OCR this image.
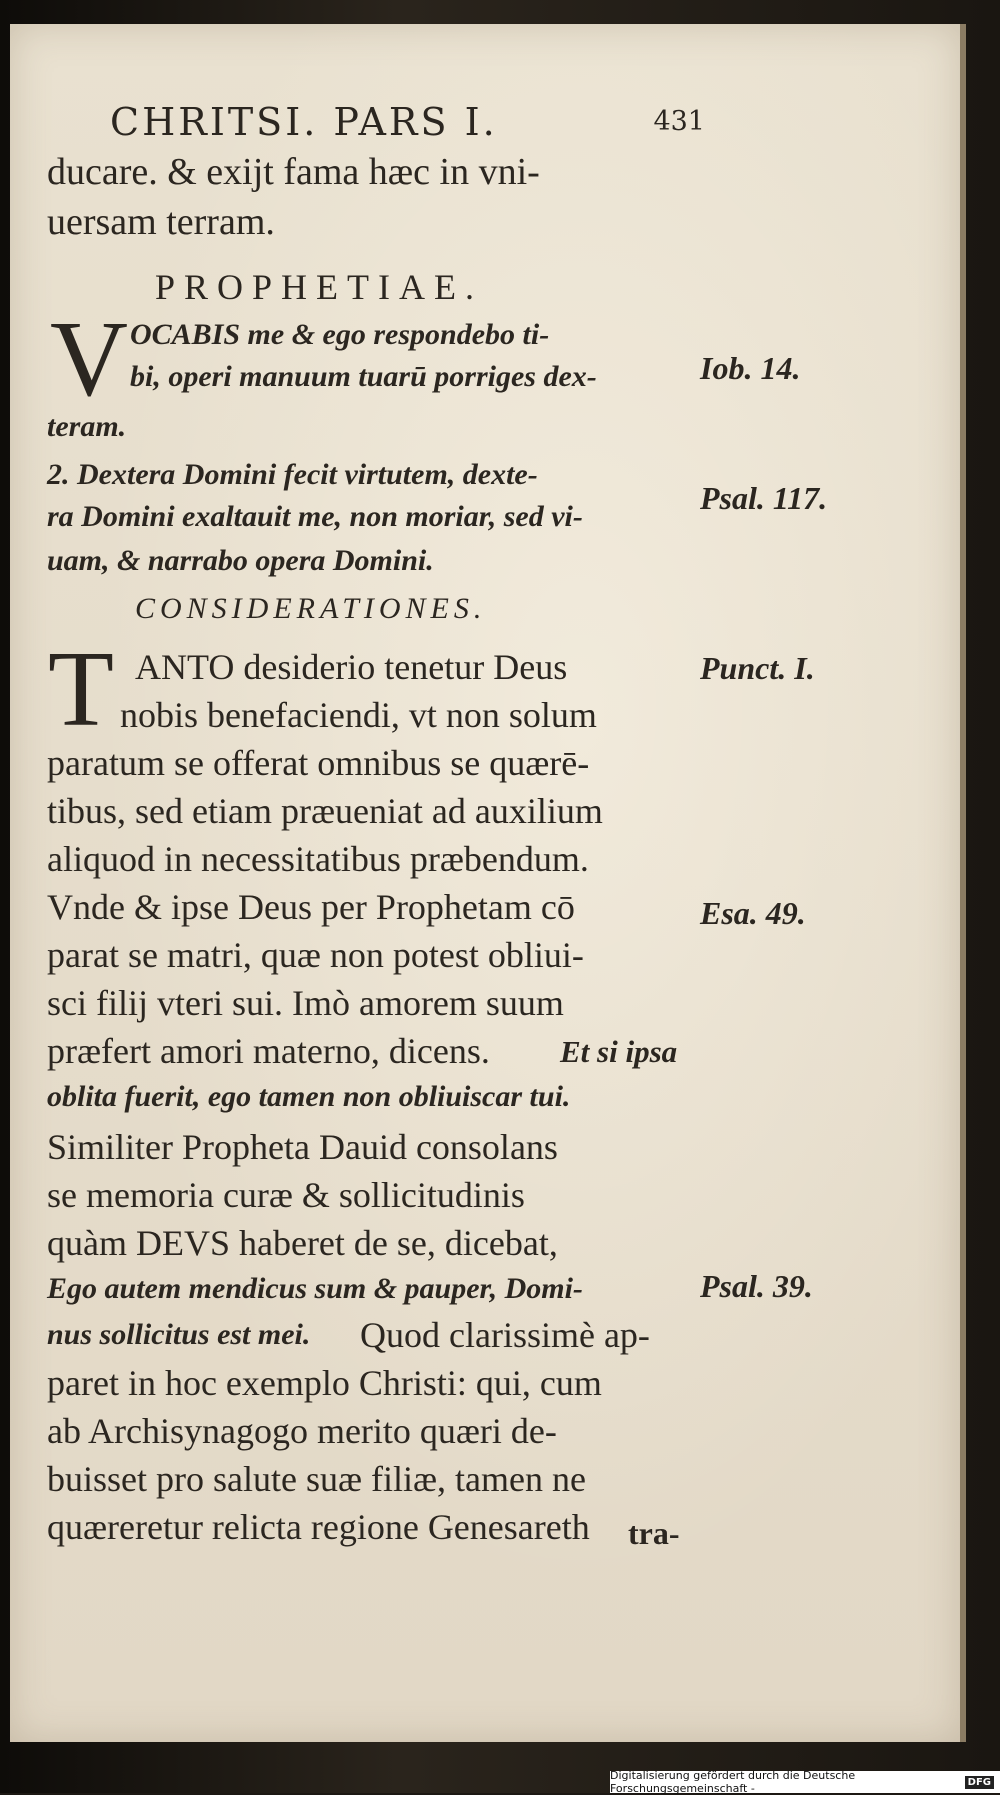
CHRITSI. PARS I.	431
ducare. & exijt fama hæc in vni-
uersam terram.
PROPHETIAE.
V OCABIS me & ego respondebo ti-
bi, operi manuum tuarū porriges dex-
teram.
2. Dextera Domini fecit virtutem, dexte-
ra Domini exaltauit me, non moriar, sed vi-
uam, & narrabo opera Domini.
CONSIDERATIONES.
T ANTO desiderio tenetur Deus
nobis benefaciendi, vt non solum
paratum se offerat omnibus se quærē-
tibus, sed etiam præueniat ad auxilium
aliquod in necessitatibus præbendum.
Vnde & ipse Deus per Prophetam cō
parat se matri, quæ non potest obliui-
sci filij vteri sui. Imò amorem suum
præfert amori materno, dicens. Et si ipsa
oblita fuerit, ego tamen non obliuiscar tui.
Similiter Propheta Dauid consolans
se memoria curæ & sollicitudinis
quàm DEVS haberet de se, dicebat,
Ego autem mendicus sum & pauper, Domi-
nus sollicitus est mei. Quod clarissimè ap-
paret in hoc exemplo Christi: qui, cum
ab Archisynagogo merito quæri de-
buisset pro salute suæ filiæ, tamen ne
quæreretur relicta regione Genesareth	tra-
Iob. 14.
Psal. 117.
Punct. I.
Esa. 49.
Psal. 39.
Digitalisierung gefördert durch die Deutsche Forschungsgemeinschaft -	DFG
